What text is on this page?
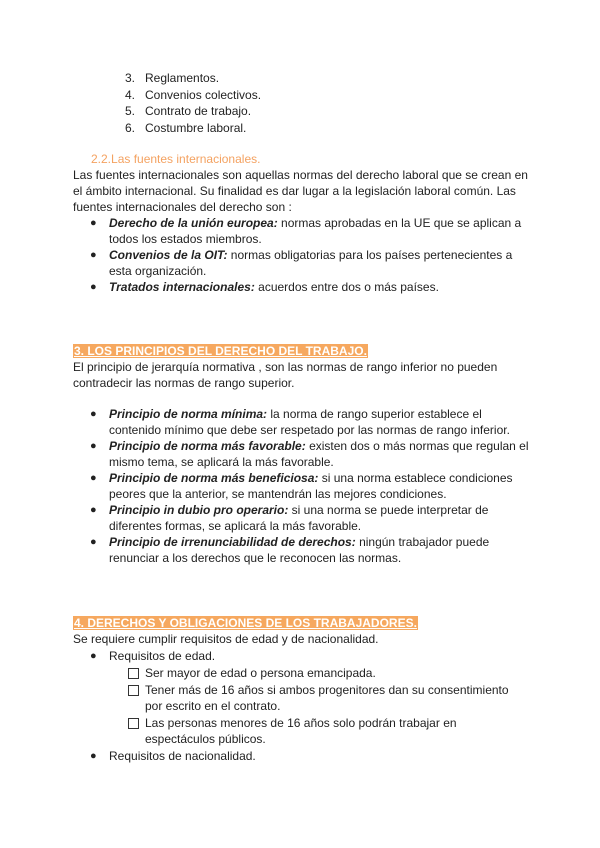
3. Reglamentos.
4. Convenios colectivos.
5. Contrato de trabajo.
6. Costumbre laboral.
2.2.Las fuentes internacionales.
Las fuentes internacionales son aquellas normas del derecho laboral que se crean en el ámbito internacional. Su finalidad es dar lugar a la legislación laboral común. Las fuentes internacionales del derecho son :
●	Derecho de la unión europea: normas aprobadas en la UE que se aplican a todos los estados miembros.
●	Convenios de la OIT: normas obligatorias para los países pertenecientes a esta organización.
●	Tratados internacionales: acuerdos entre dos o más países.
3. LOS PRINCIPIOS DEL DERECHO DEL TRABAJO.
El principio de jerarquía normativa , son las normas de rango inferior no pueden contradecir las normas de rango superior.
●	Principio de norma mínima: la norma de rango superior establece el contenido mínimo que debe ser respetado por las normas de rango inferior.
●	Principio de norma más favorable: existen dos o más normas que regulan el mismo tema, se aplicará la más favorable.
●	Principio de norma más beneficiosa: si una norma establece condiciones peores que la anterior, se mantendrán las mejores condiciones.
●	Principio in dubio pro operario: si una norma se puede interpretar de diferentes formas, se aplicará la más favorable.
●	Principio de irrenunciabilidad de derechos: ningún trabajador puede renunciar a los derechos que le reconocen las normas.
4. DERECHOS Y OBLIGACIONES DE LOS TRABAJADORES.
Se requiere cumplir requisitos de edad y de nacionalidad.
●	Requisitos de edad.
Ser mayor de edad o persona emancipada.
Tener más de 16 años si ambos progenitores dan su consentimiento por escrito en el contrato.
Las personas menores de 16 años solo podrán trabajar en espectáculos públicos.
●	Requisitos de nacionalidad.
